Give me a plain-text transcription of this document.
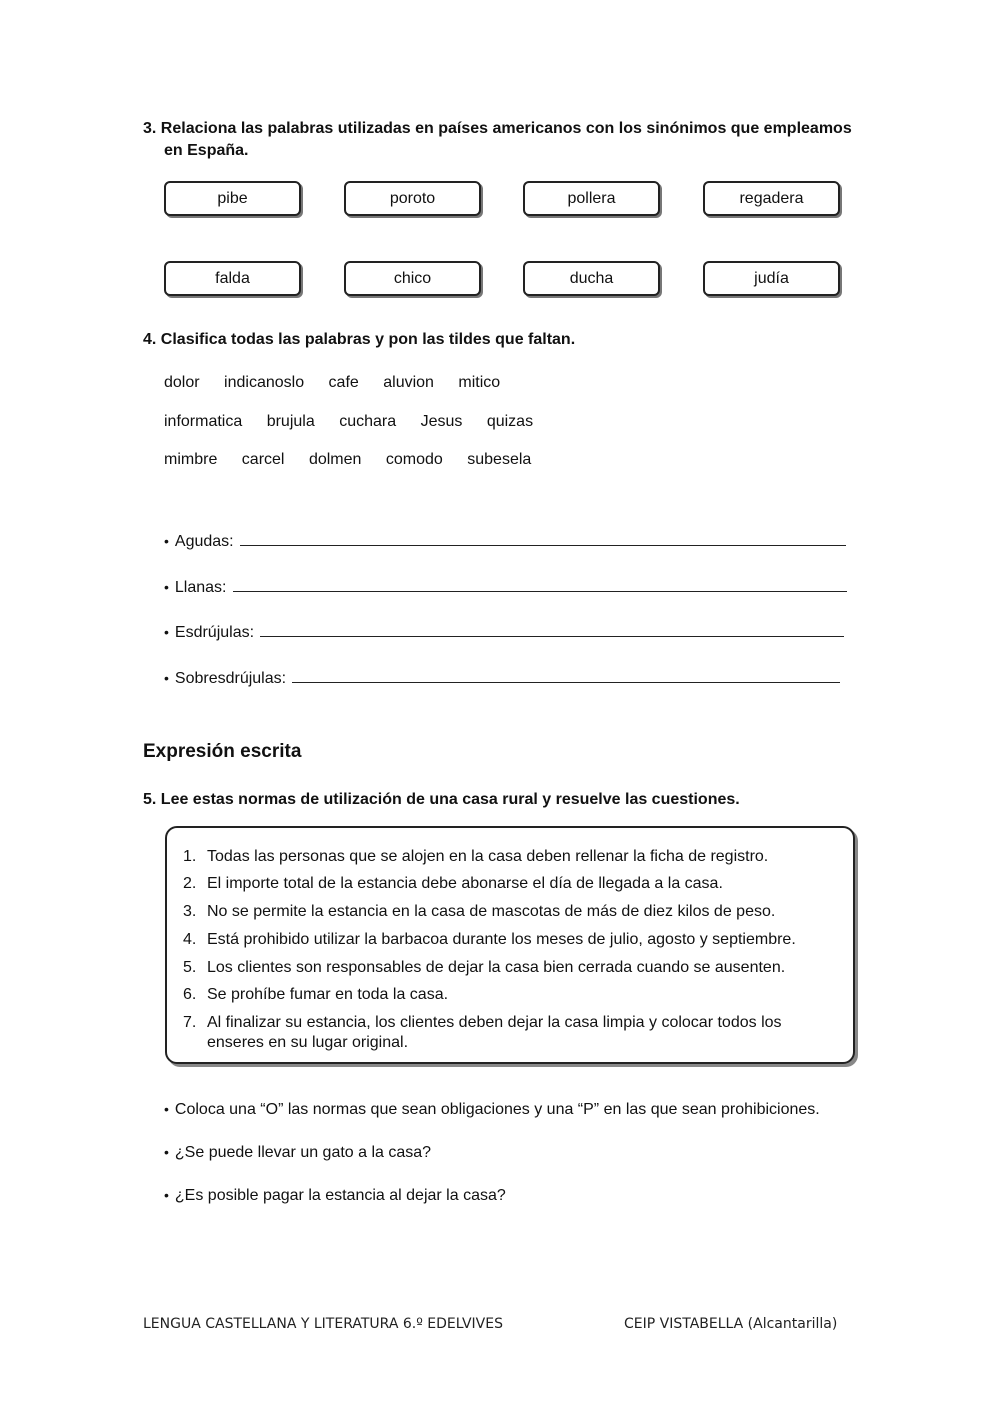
3. Relaciona las palabras utilizadas en países americanos con los sinónimos que empleamos
en España.
pibe	poroto	pollera	regadera
falda	chico	ducha	judía
4. Clasifica todas las palabras y pon las tildes que faltan.
dolor indicanoslo cafe aluvion mitico
informatica brujula cuchara Jesus quizas
mimbre carcel dolmen comodo subesela
• Agudas:
• Llanas:
• Esdrújulas:
• Sobresdrújulas:
Expresión escrita
5. Lee estas normas de utilización de una casa rural y resuelve las cuestiones.
1. Todas las personas que se alojen en la casa deben rellenar la ficha de registro.
2. El importe total de la estancia debe abonarse el día de llegada a la casa.
3. No se permite la estancia en la casa de mascotas de más de diez kilos de peso.
4. Está prohibido utilizar la barbacoa durante los meses de julio, agosto y septiembre.
5. Los clientes son responsables de dejar la casa bien cerrada cuando se ausenten.
6. Se prohíbe fumar en toda la casa.
7. Al finalizar su estancia, los clientes deben dejar la casa limpia y colocar todos los enseres en su lugar original.
• Coloca una “O” las normas que sean obligaciones y una “P” en las que sean prohibiciones.
• ¿Se puede llevar un gato a la casa?
• ¿Es posible pagar la estancia al dejar la casa?
LENGUA CASTELLANA Y LITERATURA 6.º EDELVIVES	CEIP VISTABELLA (Alcantarilla)
